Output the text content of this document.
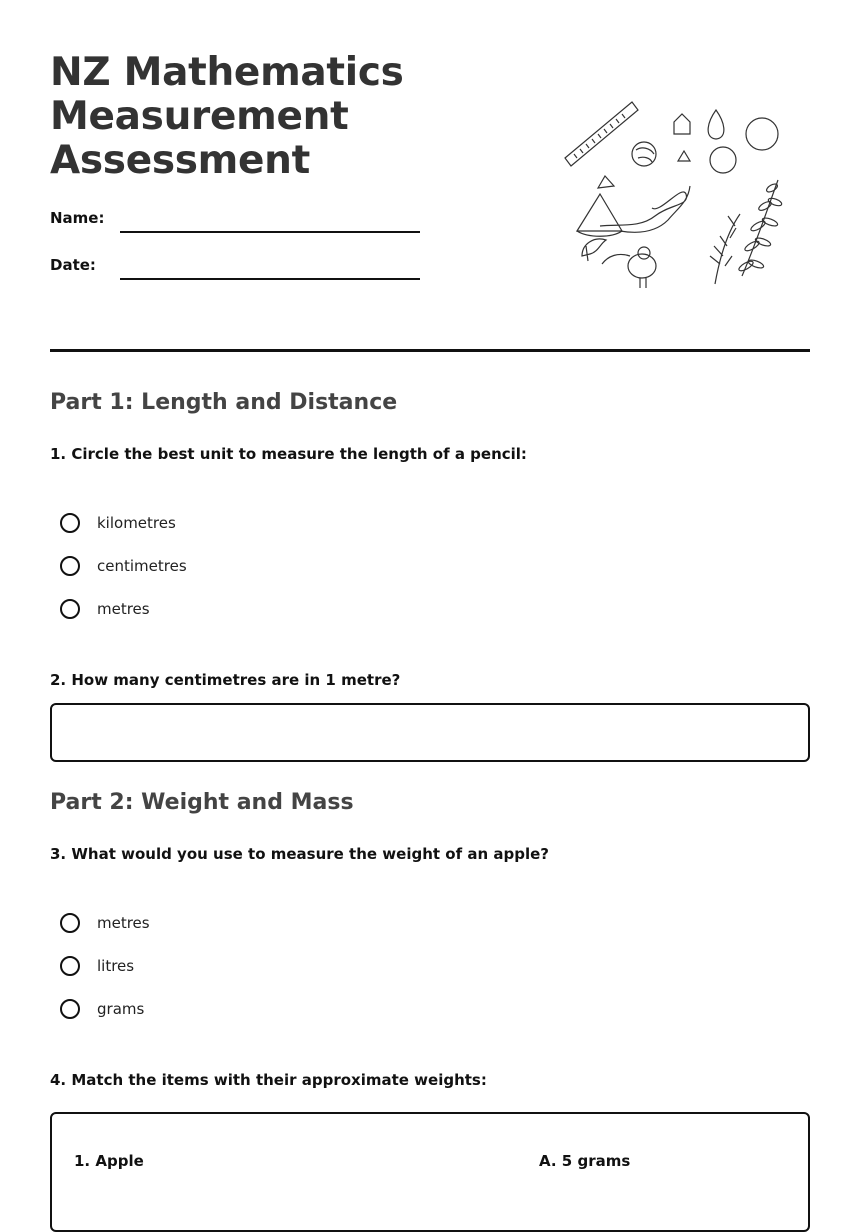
NZ Mathematics
Measurement
Assessment
Name:
Date:
Part 1: Length and Distance

1. Circle the best unit to measure the length of a pencil:

kilometres
centimetres
metres

2. How many centimetres are in 1 metre?

Part 2: Weight and Mass

3. What would you use to measure the weight of an apple?

metres
litres
grams

4. Match the items with their approximate weights:

1. Apple	A. 5 grams
